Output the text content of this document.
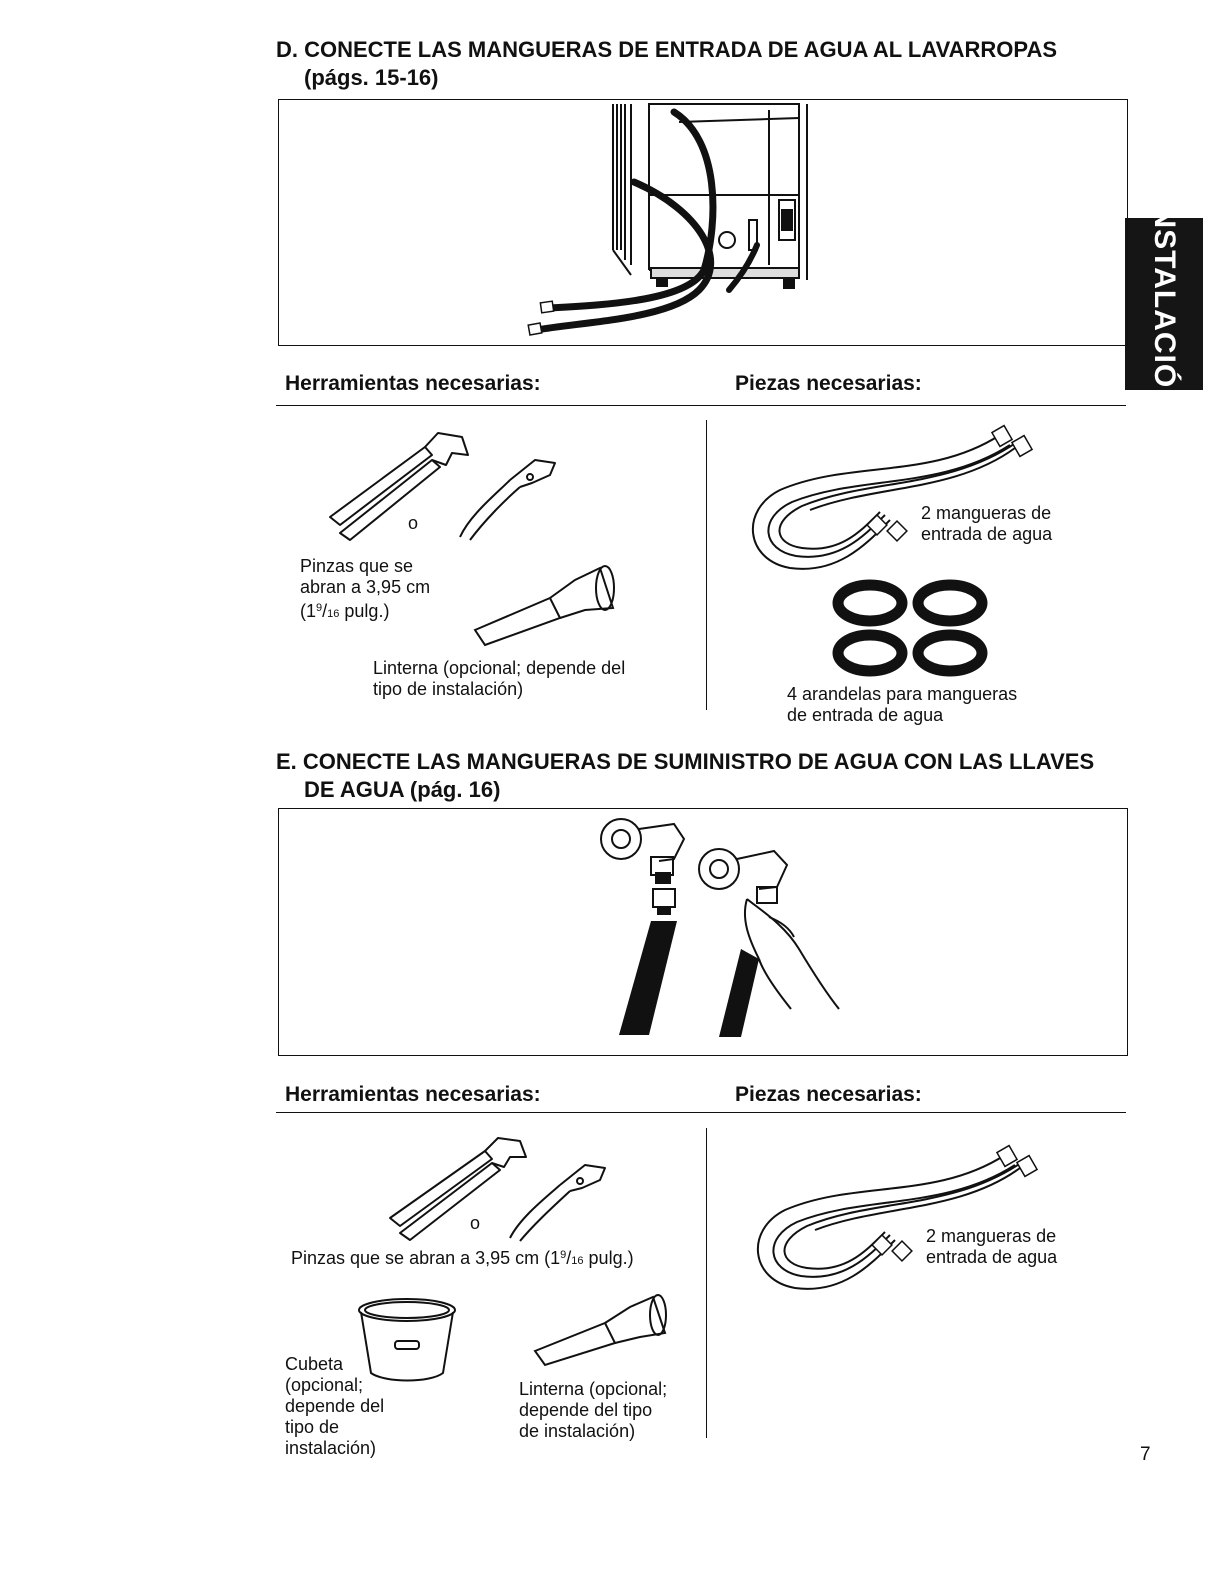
INSTALACIÓN
D. CONECTE LAS MANGUERAS DE ENTRADA DE AGUA AL LAVARROPAS
(págs. 15-16)
Herramientas necesarias:	Piezas necesarias:
o
Pinzas que se
abran a 3,95 cm
($1^9/16$ pulg.)
Linterna (opcional; depende del
tipo de instalación)
2 mangueras de
entrada de agua
4 arandelas para mangueras
de entrada de agua
E. CONECTE LAS MANGUERAS DE SUMINISTRO DE AGUA CON LAS LLAVES
DE AGUA (pág. 16)
Herramientas necesarias:	Piezas necesarias:
o
Pinzas que se abran a 3,95 cm ($1^9/16$ pulg.)
Cubeta
(opcional;
depende del
tipo de
instalación)
Linterna (opcional;
depende del tipo
de instalación)
2 mangueras de
entrada de agua
7
